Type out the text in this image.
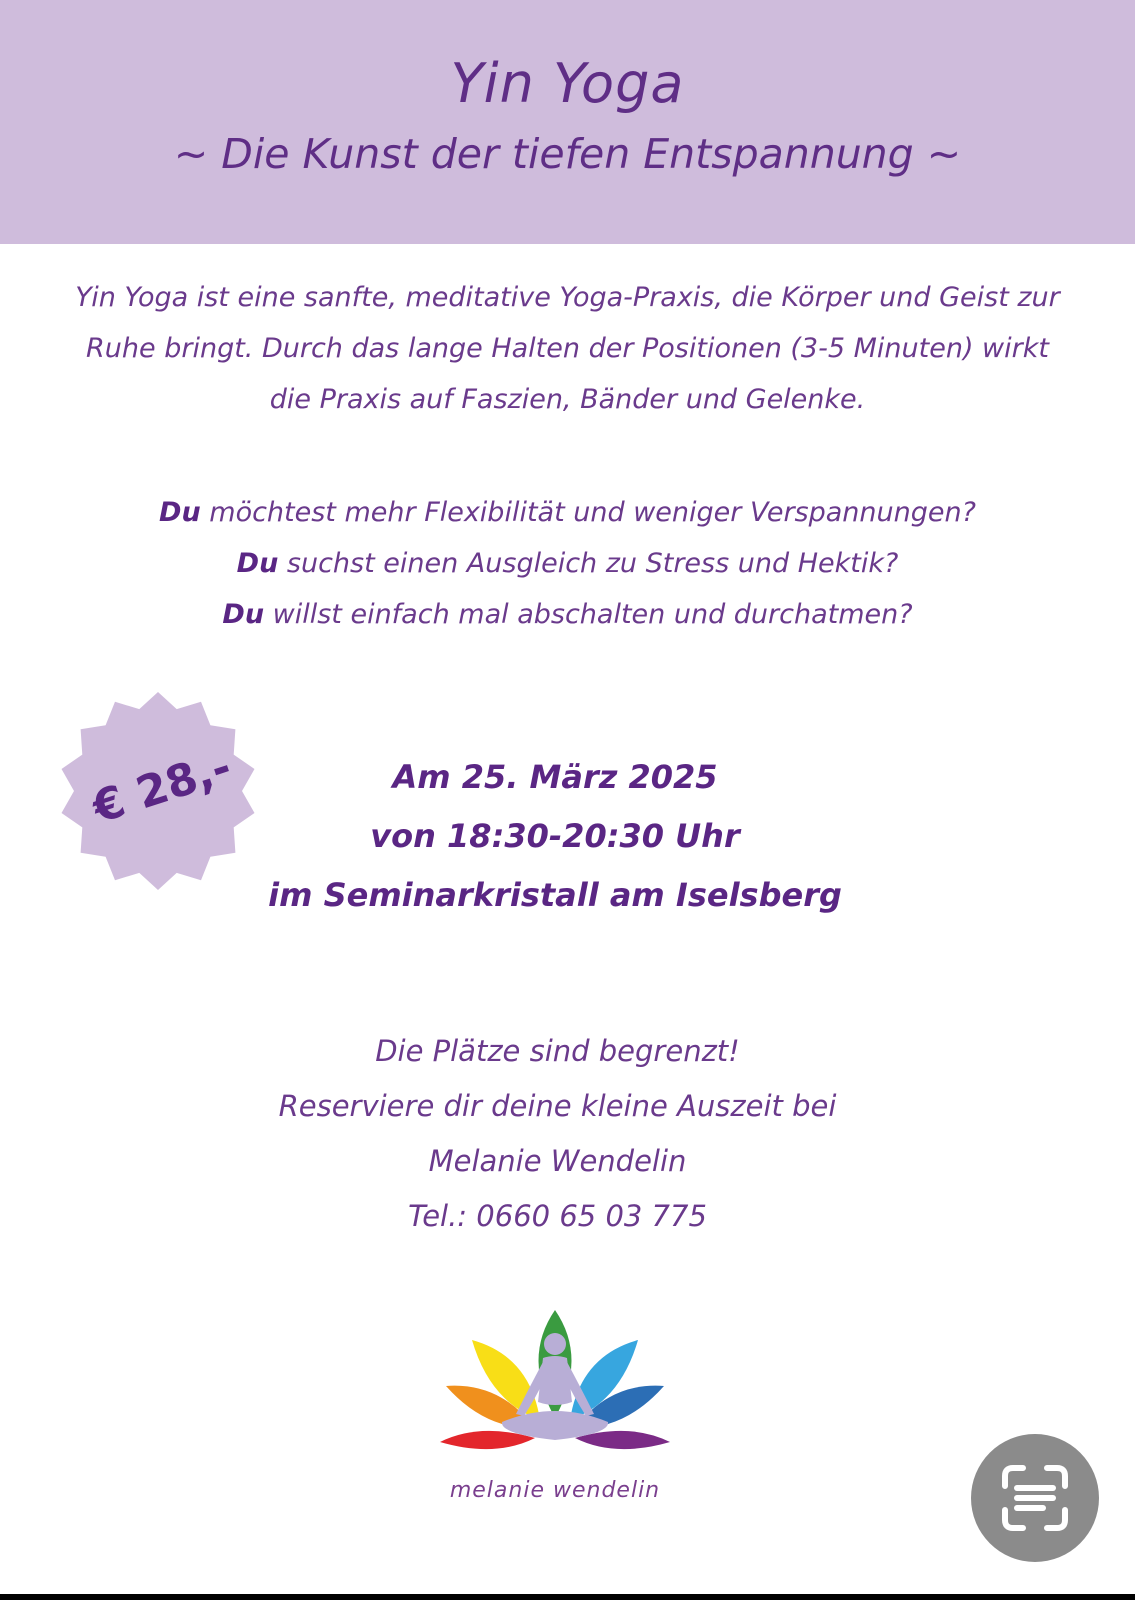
Yin Yoga
~ Die Kunst der tiefen Entspannung ~
Yin Yoga ist eine sanfte, meditative Yoga-Praxis, die Körper und Geist zur
Ruhe bringt. Durch das lange Halten der Positionen (3-5 Minuten) wirkt
die Praxis auf Faszien, Bänder und Gelenke.
Du möchtest mehr Flexibilität und weniger Verspannungen?
Du suchst einen Ausgleich zu Stress und Hektik?
Du willst einfach mal abschalten und durchatmen?
€ 28,-	Am 25. März 2025
von 18:30-20:30 Uhr
im Seminarkristall am Iselsberg
Die Plätze sind begrenzt!
Reserviere dir deine kleine Auszeit bei
Melanie Wendelin
Tel.: 0660 65 03 775
melanie wendelin
